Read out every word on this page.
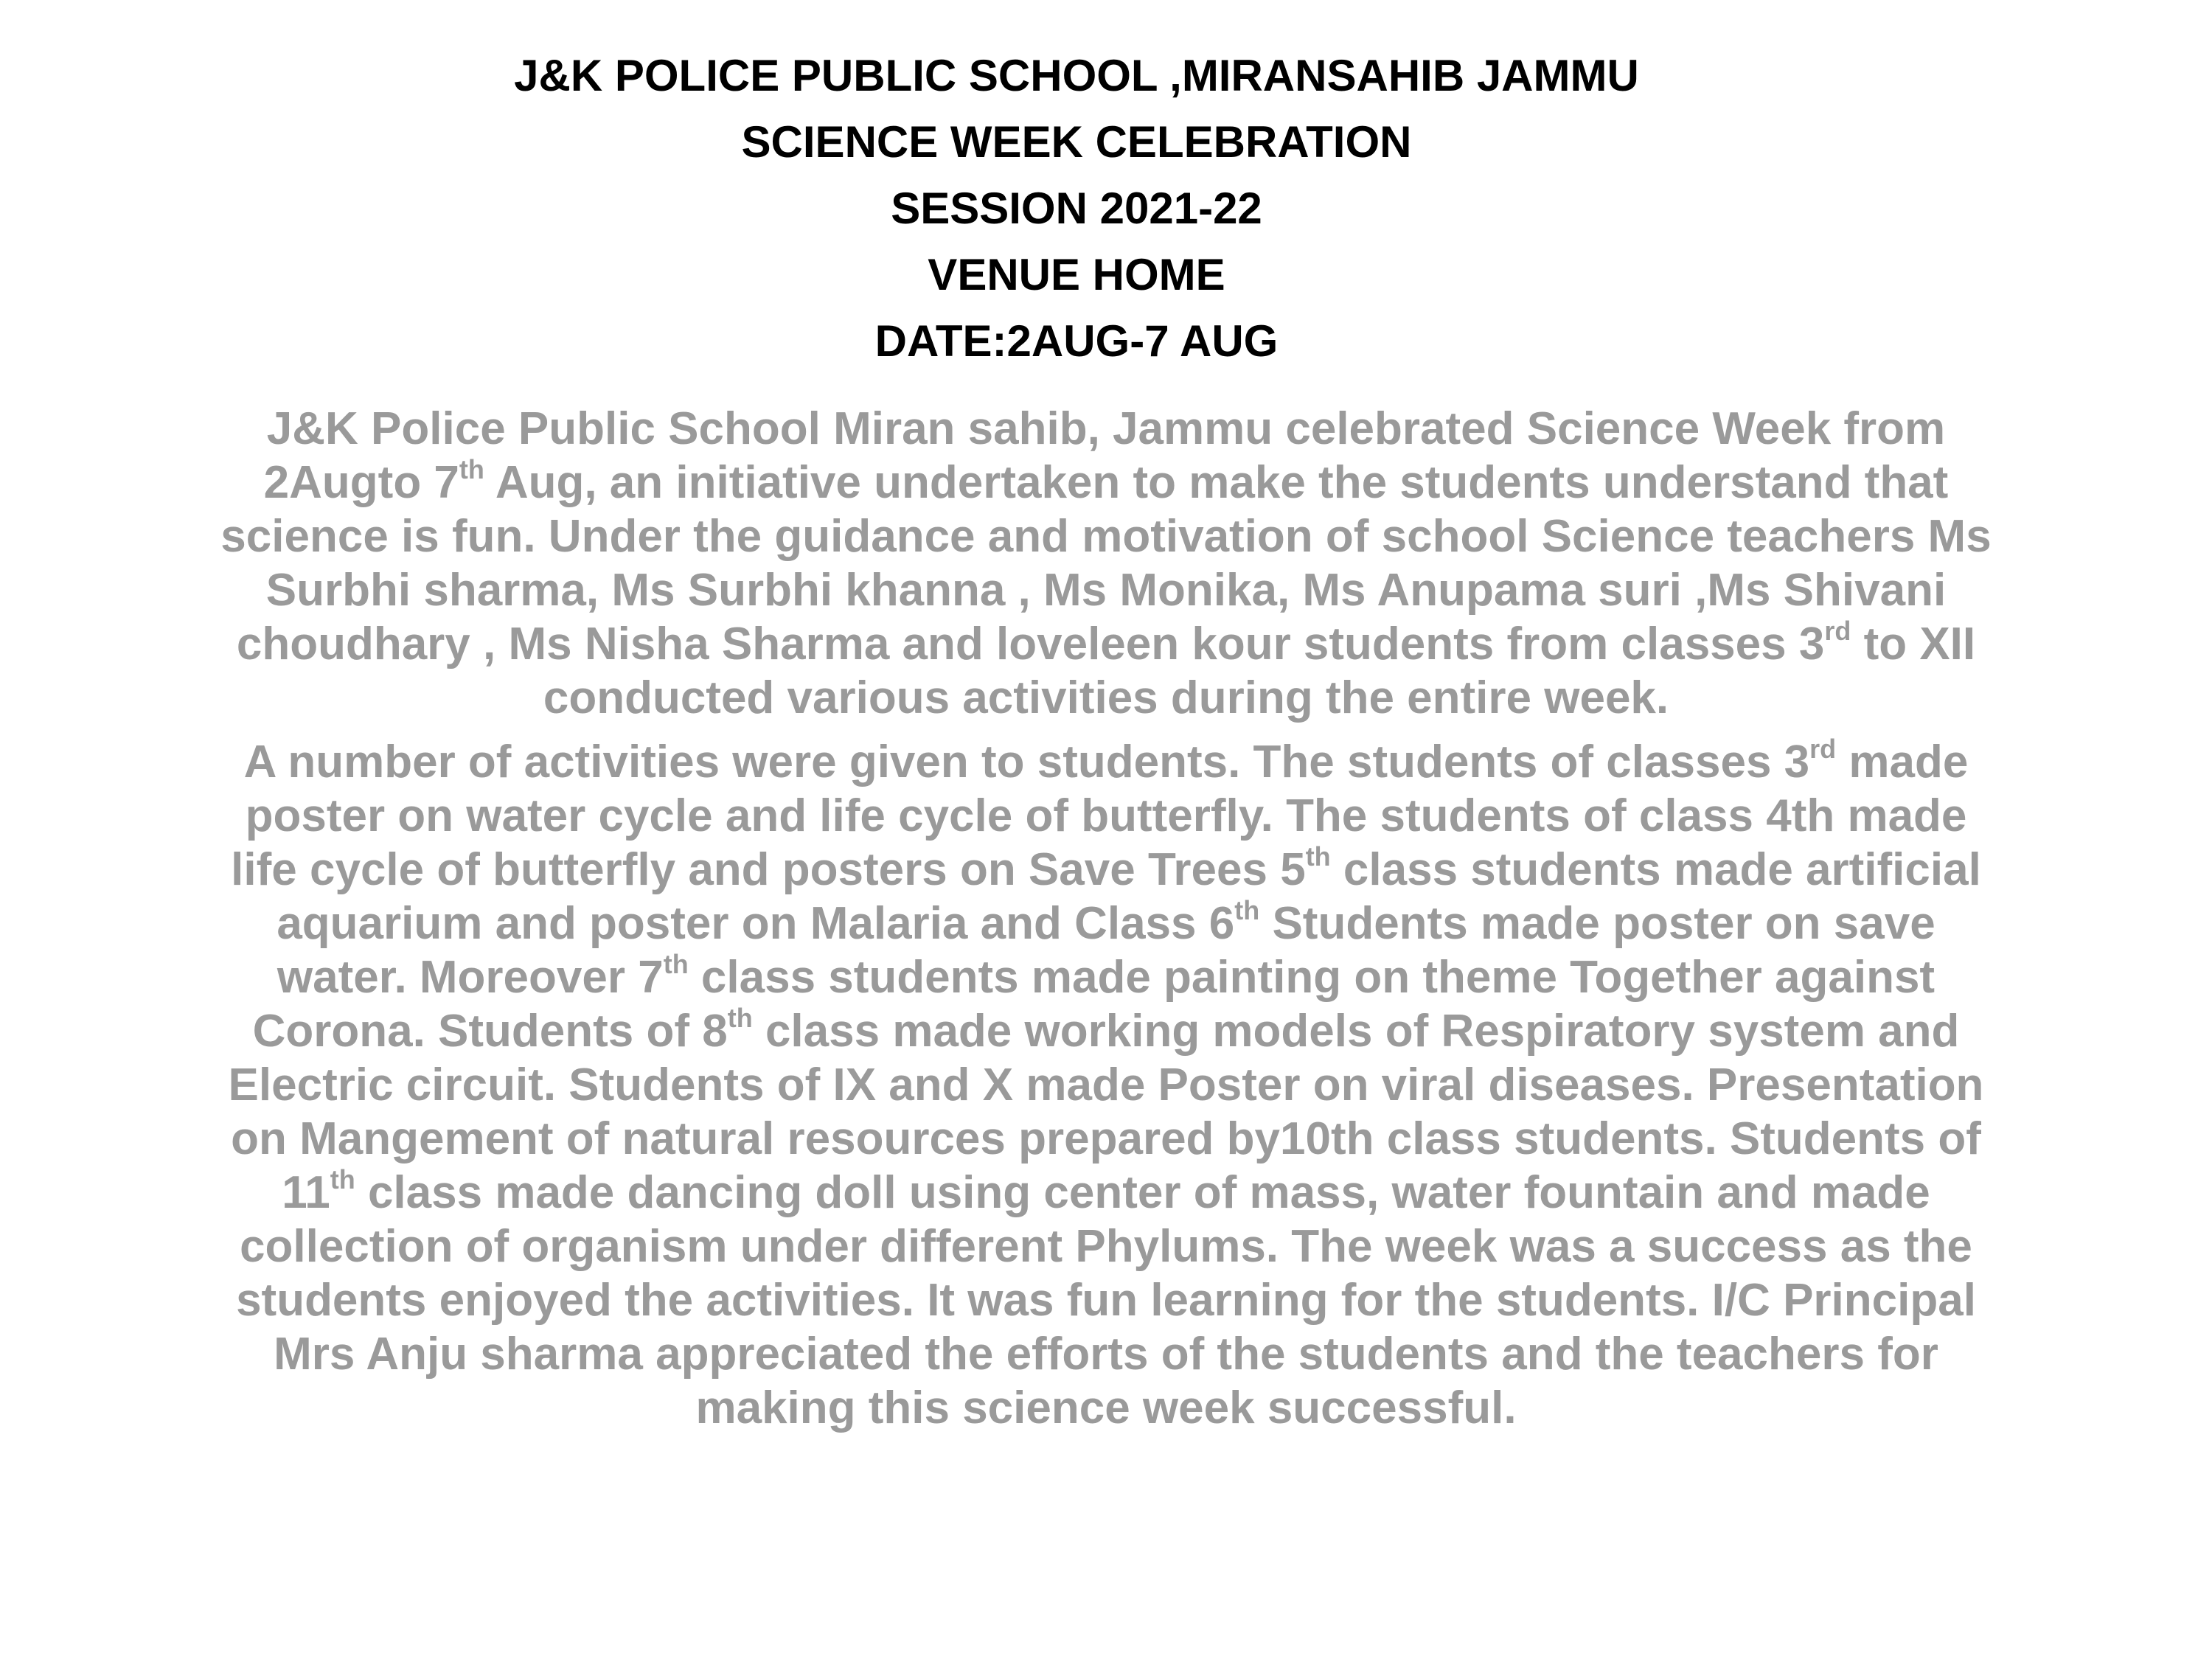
J&K POLICE PUBLIC SCHOOL ,MIRANSAHIB JAMMU
SCIENCE WEEK CELEBRATION
SESSION 2021-22
VENUE HOME
DATE:2AUG-7 AUG
J&K Police Public School Miran sahib, Jammu celebrated Science Week from
2Augto 7th Aug, an initiative undertaken to make the students understand that
science is fun. Under the guidance and motivation of school Science teachers Ms
Surbhi sharma, Ms Surbhi khanna , Ms Monika, Ms Anupama suri ,Ms Shivani
choudhary , Ms Nisha Sharma and loveleen kour students from classes 3rd to XII
conducted various activities during the entire week.
A number of activities were given to students. The students of classes 3rd made
poster on water cycle and life cycle of butterfly. The students of class 4th made
life cycle of butterfly and posters on Save Trees 5th class students made artificial
aquarium and poster on Malaria and Class 6th Students made poster on save
water. Moreover 7th class students made painting on theme Together against
Corona. Students of 8th class made working models of Respiratory system and
Electric circuit. Students of IX and X made Poster on viral diseases. Presentation
on Mangement of natural resources prepared by10th class students. Students of
11th class made dancing doll using center of mass, water fountain and made
collection of organism under different Phylums. The week was a success as the
students enjoyed the activities. It was fun learning for the students. I/C Principal
Mrs Anju sharma appreciated the efforts of the students and the teachers for
making this science week successful.
